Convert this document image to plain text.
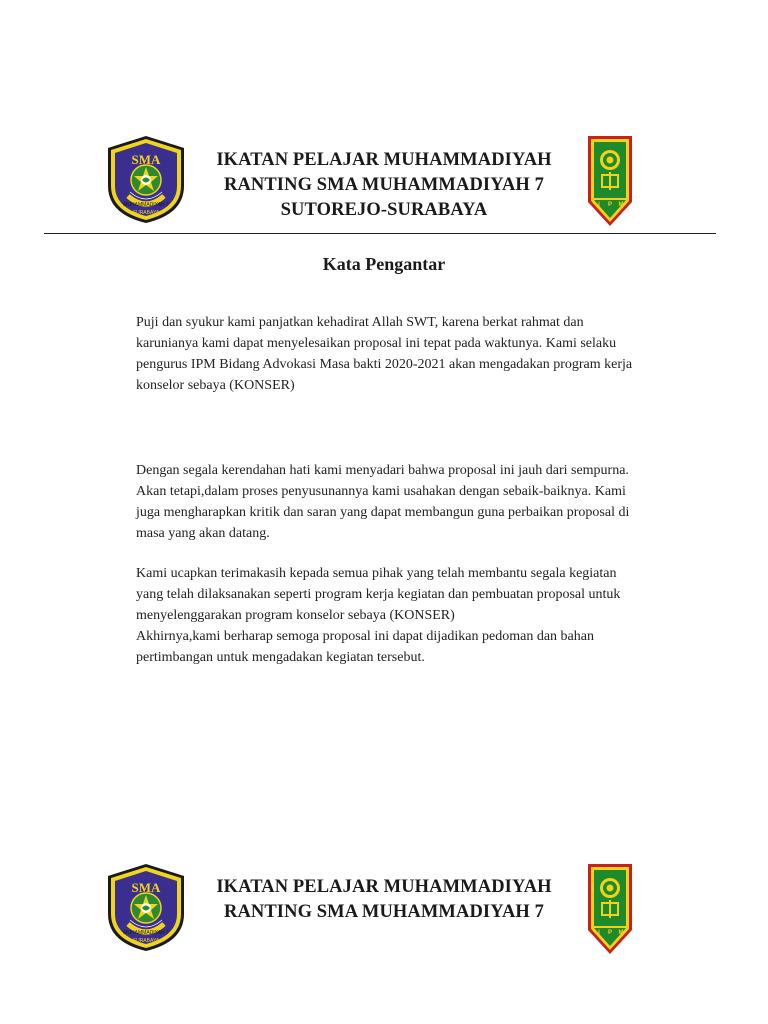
SMA
MUHAMMADIYAH 7
SURABAYA
IKATAN PELAJAR MUHAMMADIYAH
RANTING SMA MUHAMMADIYAH 7
SUTOREJO-SURABAYA	I P M
Kata Pengantar
Puji dan syukur kami panjatkan kehadirat Allah SWT, karena berkat rahmat dan
karunianya kami dapat menyelesaikan proposal ini tepat pada waktunya. Kami selaku
pengurus IPM Bidang Advokasi Masa bakti 2020-2021 akan mengadakan program kerja
konselor sebaya (KONSER)
Dengan segala kerendahan hati kami menyadari bahwa proposal ini jauh dari sempurna.
Akan tetapi,dalam proses penyusunannya kami usahakan dengan sebaik-baiknya. Kami
juga mengharapkan kritik dan saran yang dapat membangun guna perbaikan proposal di
masa yang akan datang.
Kami ucapkan terimakasih kepada semua pihak yang telah membantu segala kegiatan
yang telah dilaksanakan seperti program kerja kegiatan dan pembuatan proposal untuk
menyelenggarakan program konselor sebaya (KONSER)
Akhirnya,kami berharap semoga proposal ini dapat dijadikan pedoman dan bahan
pertimbangan untuk mengadakan kegiatan tersebut.
SMA
MUHAMMADIYAH 7
SURABAYA
IKATAN PELAJAR MUHAMMADIYAH
RANTING SMA MUHAMMADIYAH 7
I P M
